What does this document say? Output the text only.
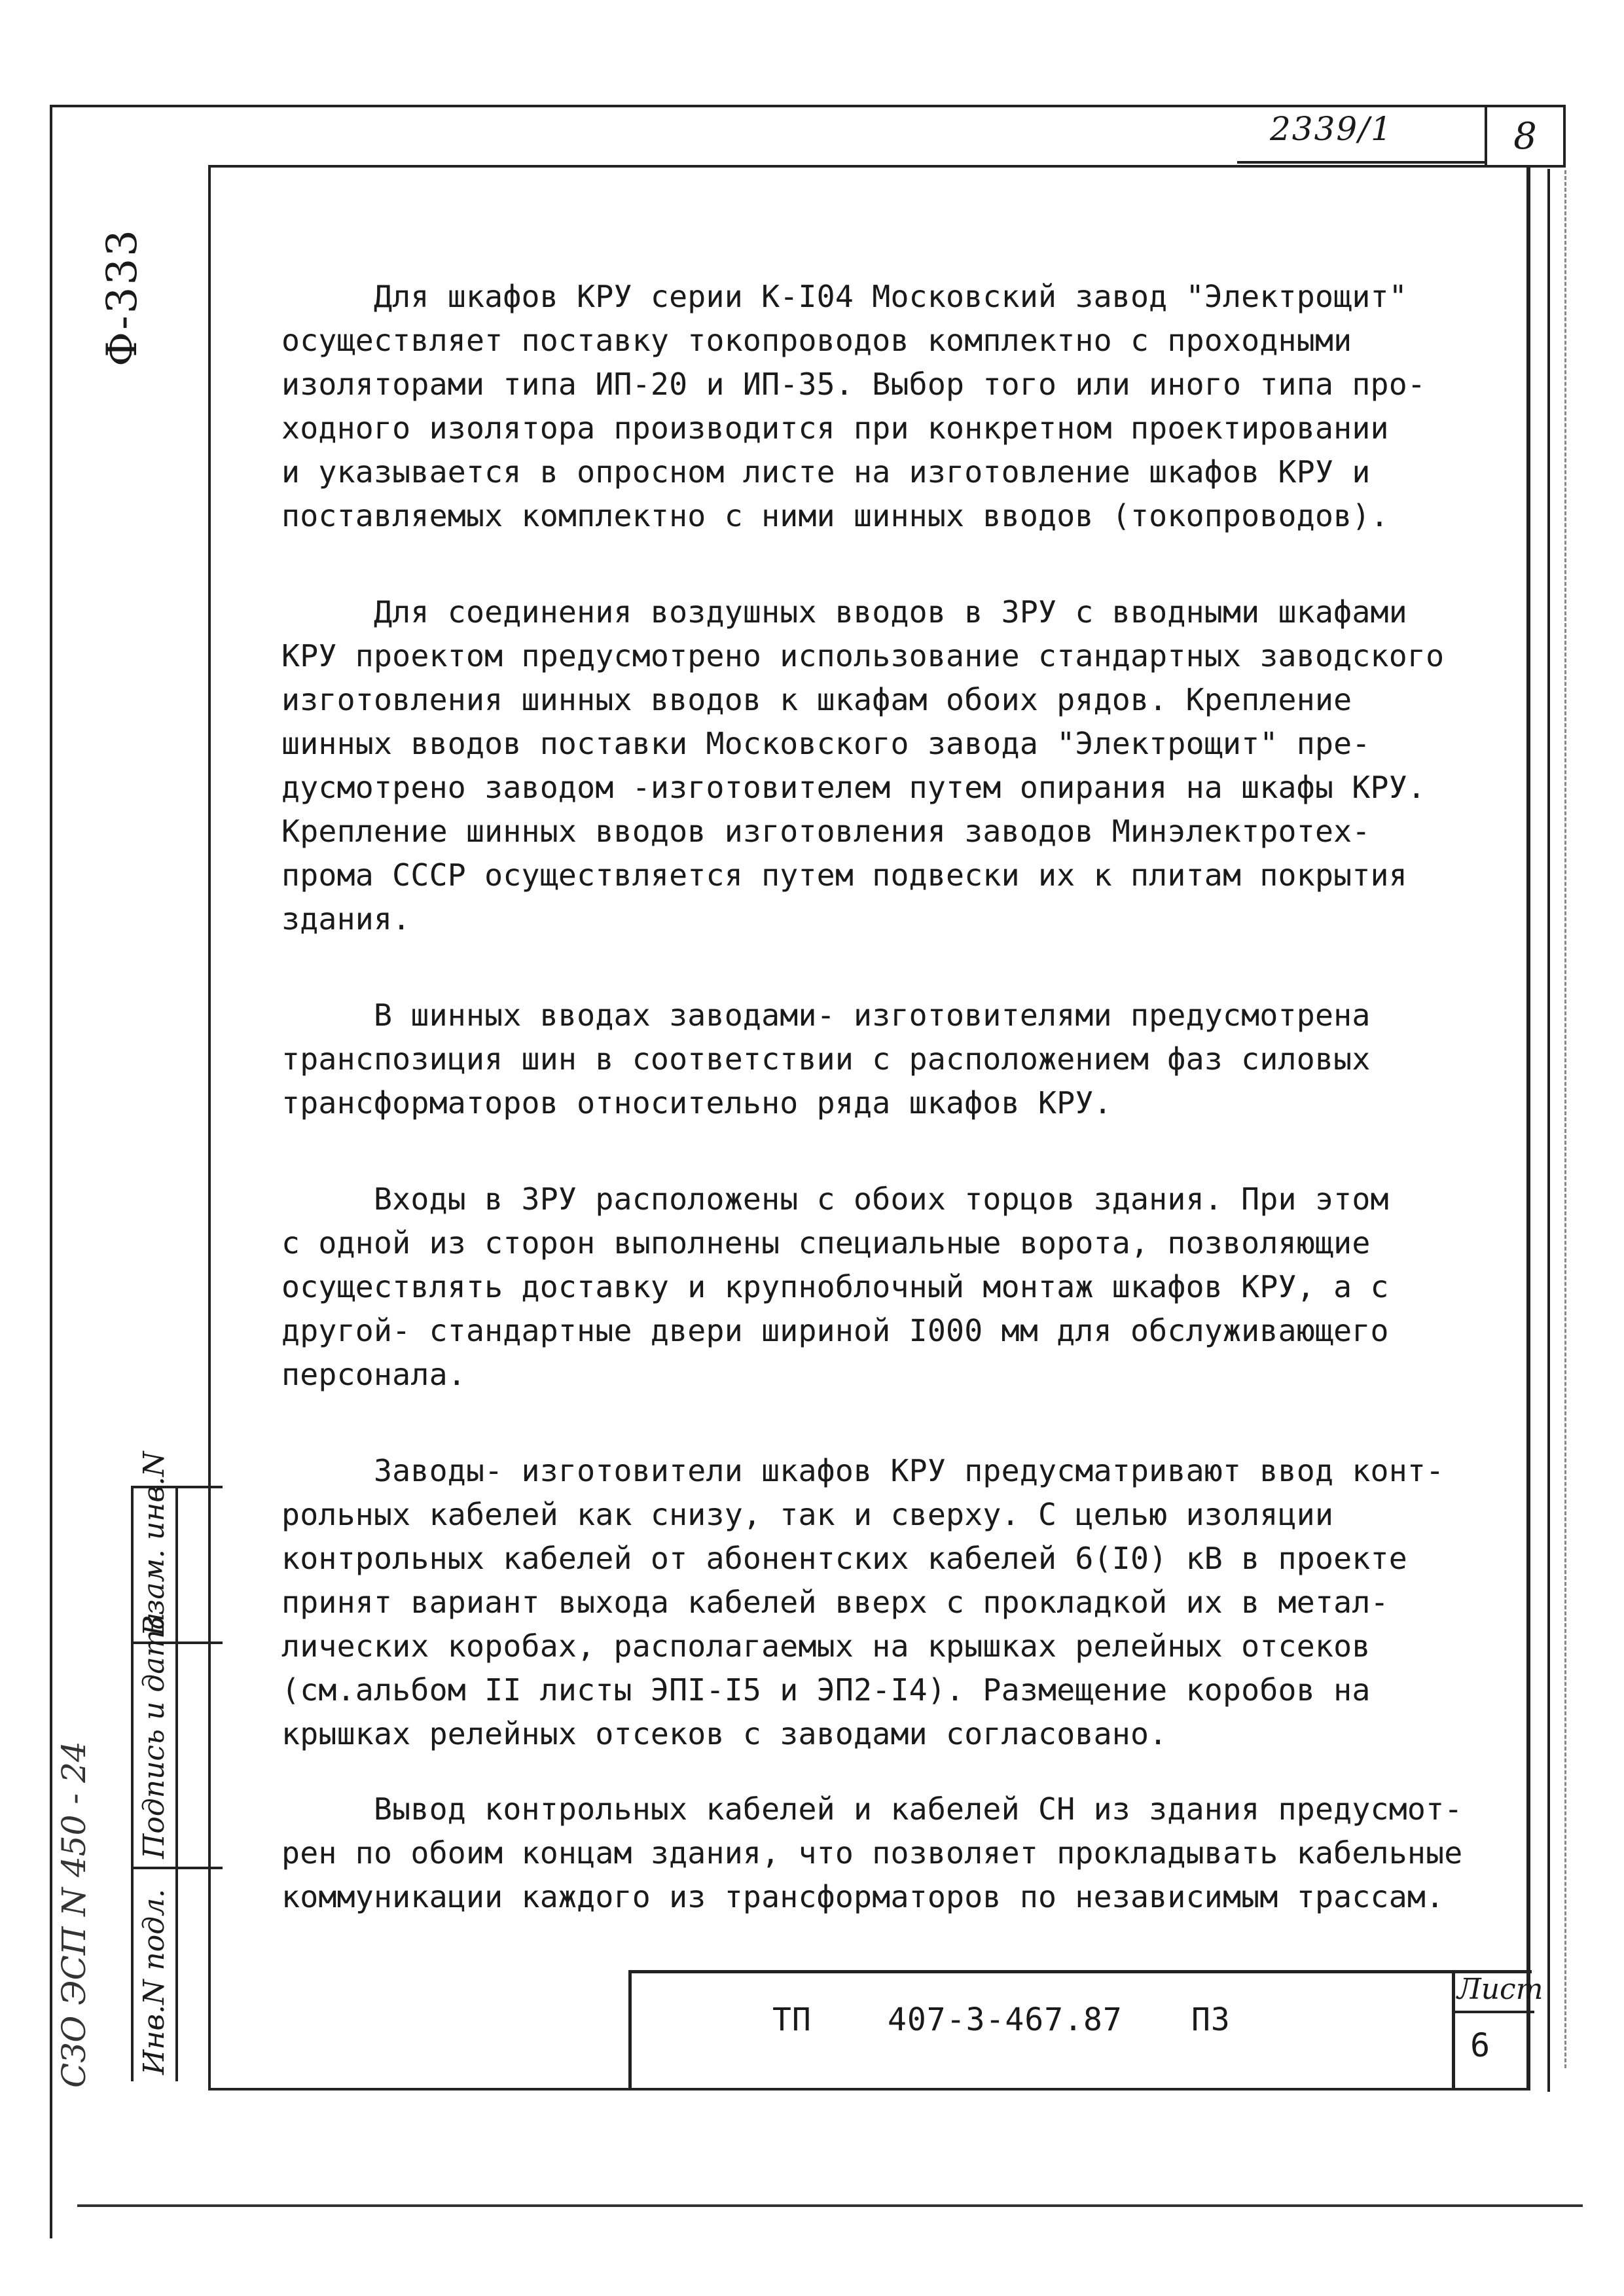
2339/1	8
Ф-333	Для шкафов КРУ серии К-I04 Московский завод "Электрощит"
осуществляет поставку токопроводов комплектно с проходными
изоляторами типа ИП-20 и ИП-35. Выбор того или иного типа про-
ходного изолятора производится при конкретном проектировании
и указывается в опросном листе на изготовление шкафов КРУ и
поставляемых комплектно с ними шинных вводов (токопроводов).
Для соединения воздушных вводов в ЗРУ с вводными шкафами
КРУ проектом предусмотрено использование стандартных заводского
изготовления шинных вводов к шкафам обоих рядов. Крепление
шинных вводов поставки Московского завода "Электрощит" пре-
дусмотрено заводом -изготовителем путем опирания на шкафы КРУ.
Крепление шинных вводов изготовления заводов Минэлектротех-
прома СССР осуществляется путем подвески их к плитам покрытия
здания.
В шинных вводах заводами- изготовителями предусмотрена
транспозиция шин в соответствии с расположением фаз силовых
трансформаторов относительно ряда шкафов КРУ.
Входы в ЗРУ расположены с обоих торцов здания. При этом
с одной из сторон выполнены специальные ворота, позволяющие
осуществлять доставку и крупноблочный монтаж шкафов КРУ, а с
другой- стандартные двери шириной I000 мм для обслуживающего
персонала.
Заводы- изготовители шкафов КРУ предусматривают ввод конт-
рольных кабелей как снизу, так и сверху. С целью изоляции
контрольных кабелей от абонентских кабелей 6(I0) кВ в проекте
принят вариант выхода кабелей вверх с прокладкой их в метал-
лических коробах, располагаемых на крышках релейных отсеков
(см.альбом II листы ЭПI-I5 и ЭП2-I4). Размещение коробов на
крышках релейных отсеков с заводами согласовано.
Вывод контрольных кабелей и кабелей СН из здания предусмот-
рен по обоим концам здания, что позволяет прокладывать кабельные
коммуникации каждого из трансформаторов по независимым трассам.
Взам. инв.N
Подпись и дата
Инв.N подл.
СЗО ЭСП N 450 - 24	ТП 407-3-467.87 ПЗ
Лист
6
